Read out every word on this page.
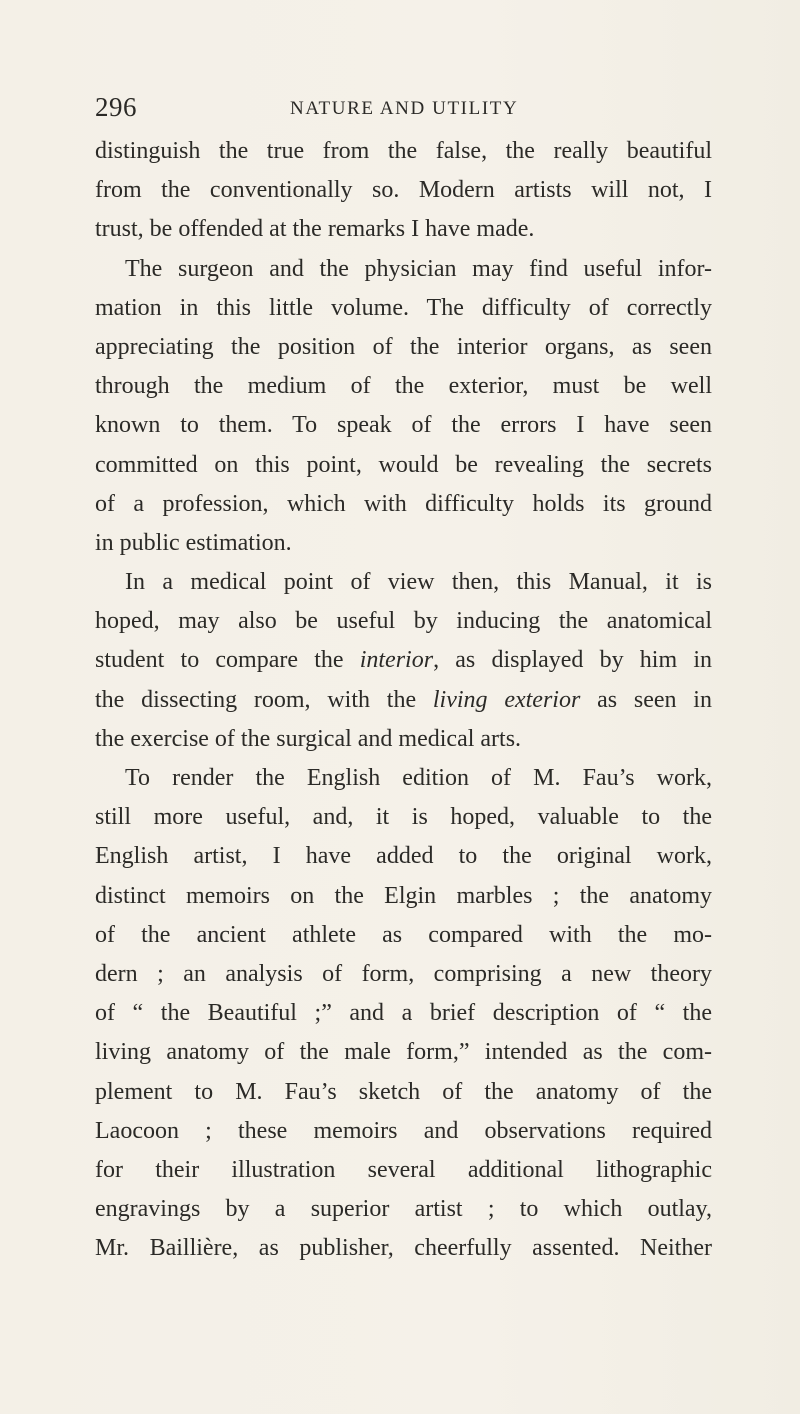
296	NATURE AND UTILITY
distinguish the true from the false, the really beautiful
from the conventionally so. Modern artists will not, I
trust, be offended at the remarks I have made.
The surgeon and the physician may find useful infor-
mation in this little volume. The difficulty of correctly
appreciating the position of the interior organs, as seen
through the medium of the exterior, must be well
known to them. To speak of the errors I have seen
committed on this point, would be revealing the secrets
of a profession, which with difficulty holds its ground
in public estimation.
In a medical point of view then, this Manual, it is
hoped, may also be useful by inducing the anatomical
student to compare the interior, as displayed by him in
the dissecting room, with the living exterior as seen in
the exercise of the surgical and medical arts.
To render the English edition of M. Fau’s work,
still more useful, and, it is hoped, valuable to the
English artist, I have added to the original work,
distinct memoirs on the Elgin marbles ; the anatomy
of the ancient athlete as compared with the mo-
dern ; an analysis of form, comprising a new theory
of “ the Beautiful ;” and a brief description of “ the
living anatomy of the male form,” intended as the com-
plement to M. Fau’s sketch of the anatomy of the
Laocoon ; these memoirs and observations required
for their illustration several additional lithographic
engravings by a superior artist ; to which outlay,
Mr. Baillière, as publisher, cheerfully assented. Neither
